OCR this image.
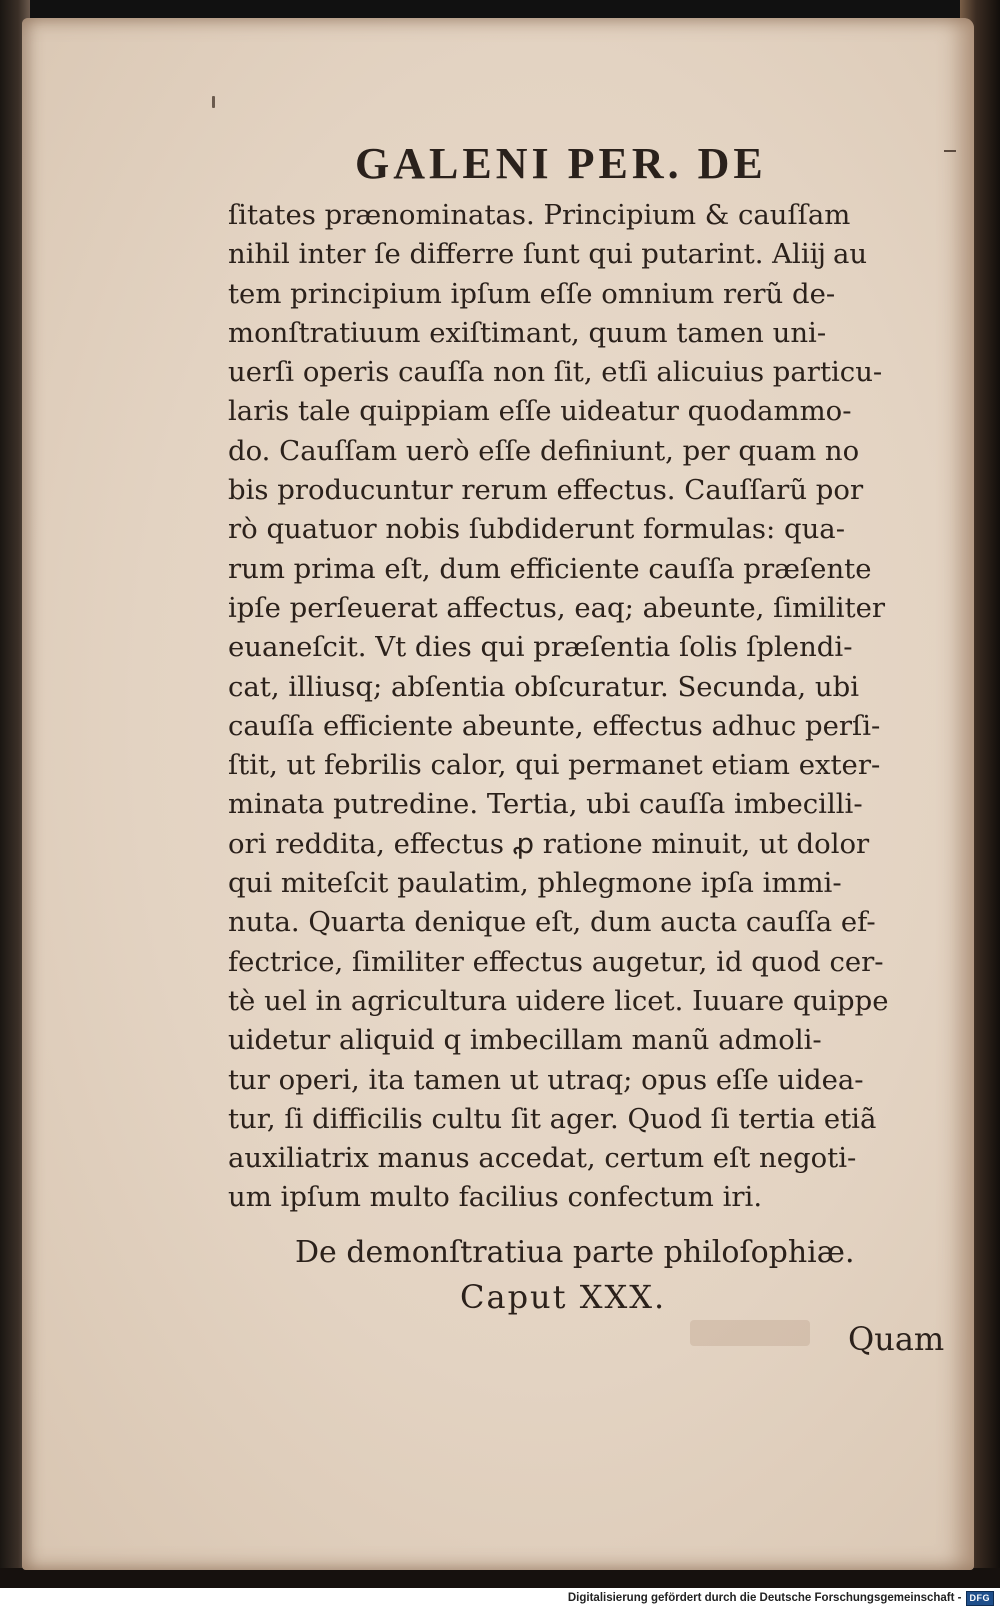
GALENI PER. DE
ſitates prænominatas. Principium & cauſſam
nihil inter ſe differre ſunt qui putarint. Aliĳ au
tem principium ipſum eſſe omnium rerũ de-
monſtratiuum exiſtimant, quum tamen uni-
uerſi operis cauſſa non ſit, etſi alicuius particu-
laris tale quippiam eſſe uideatur quodammo-
do. Cauſſam uerò eſſe definiunt, per quam no
bis producuntur rerum effectus. Cauſſarũ por
rò quatuor nobis ſubdiderunt formulas: qua-
rum prima eſt, dum efficiente cauſſa præſente
ipſe perſeuerat affectus, eaq; abeunte, ſimiliter
euaneſcit. Vt dies qui præſentia ſolis ſplendi-
cat, illiusq; abſentia obſcuratur. Secunda, ubi
cauſſa efficiente abeunte, effectus adhuc perſi-
ſtit, ut febrilis calor, qui permanet etiam exter-
minata putredine. Tertia, ubi cauſſa imbecilli-
ori reddita, effectus ꝓ ratione minuit, ut dolor
qui miteſcit paulatim, phlegmone ipſa immi-
nuta. Quarta denique eſt, dum aucta cauſſa ef-
fectrice, ſimiliter effectus augetur, id quod cer-
tè uel in agricultura uidere licet. Iuuare quippe
uidetur aliquid q imbecillam manũ admoli-
tur operi, ita tamen ut utraq; opus eſſe uidea-
tur, ſi difficilis cultu ſit ager. Quod ſi tertia etiã
auxiliatrix manus accedat, certum eſt negoti-
um ipſum multo facilius confectum iri.
De demonſtratiua parte philoſophiæ.
Caput XXX.
Quam
Digitalisierung gefördert durch die Deutsche Forschungsgemeinschaft - DFG
